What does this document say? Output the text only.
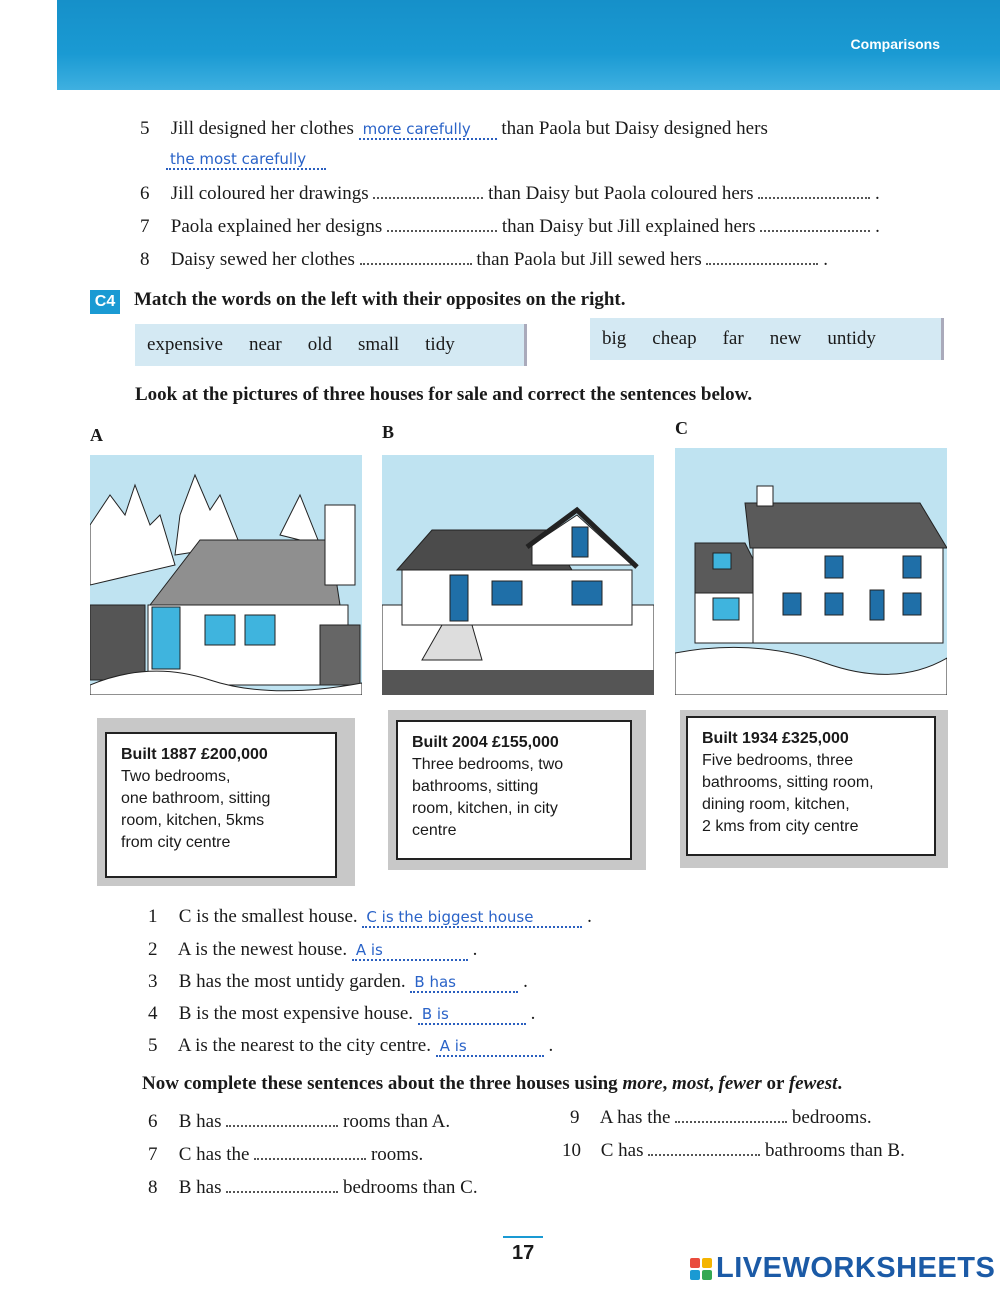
Comparisons
5 Jill designed her clothes more carefully than Paola but Daisy designed hers
the most carefully
6 Jill coloured her drawings	than Daisy but Paola coloured hers	.
7 Paola explained her designs	than Daisy but Jill explained hers	.
8 Daisy sewed her clothes	than Paola but Jill sewed hers	.
C4 Match the words on the left with their opposites on the right.
expensive near old small tidy	big cheap far new untidy
Look at the pictures of three houses for sale and correct the sentences below.
A	B	C
Built 1887 £200,000
Two bedrooms,
one bathroom, sitting
room, kitchen, 5kms
from city centre
Built 2004 £155,000
Three bedrooms, two
bathrooms, sitting
room, kitchen, in city
centre
Built 1934 £325,000
Five bedrooms, three
bathrooms, sitting room,
dining room, kitchen,
2 kms from city centre
1 C is the smallest house. C is the biggest house	.
2 A is the newest house. A is	.
3 B has the most untidy garden. B has	.
4 B is the most expensive house. B is	.
5 A is the nearest to the city centre. A is	.
Now complete these sentences about the three houses using more, most, fewer or fewest.
6 B has	rooms than A.
7 C has the	rooms.
8 B has	bedrooms than C.
9 A has the	bedrooms.
10 C has	bathrooms than B.
17	LIVEWORKSHEETS
